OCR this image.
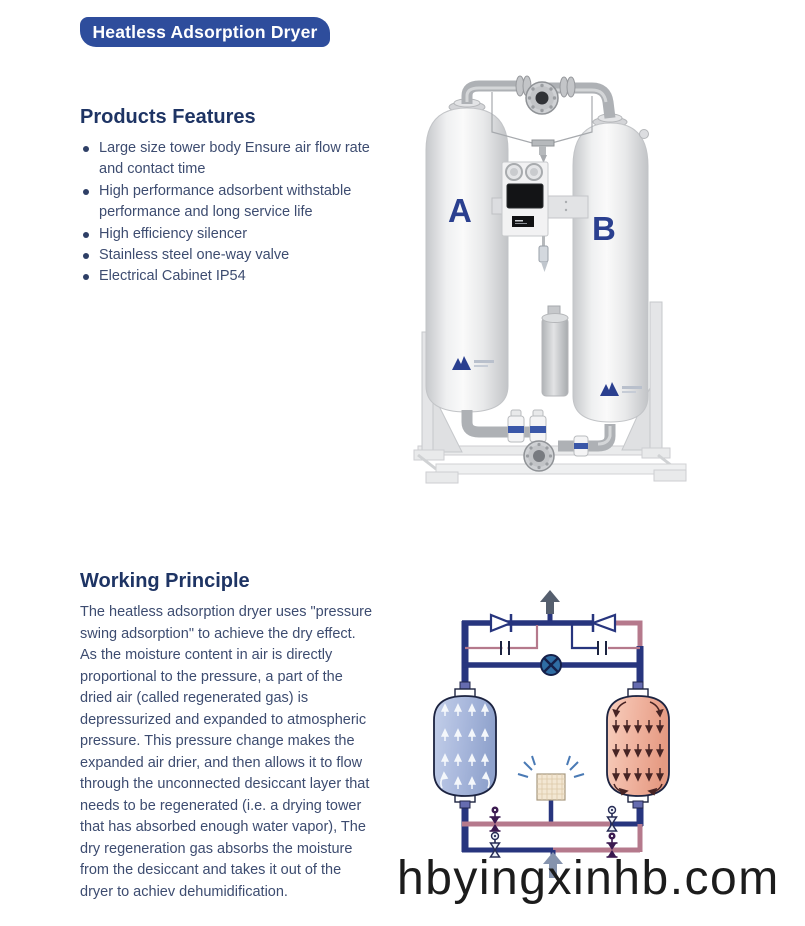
Heatless Adsorption Dryer
Products Features
Large size tower body Ensure air flow rate and contact time
High performance adsorbent withstable performance and long service life
High efficiency silencer
Stainless steel one-way valve
Electrical Cabinet IP54
A	B
Working Principle

The heatless adsorption dryer uses "pressure swing adsorption" to achieve the dry effect. As the moisture content in air is directly proportional to the pressure, a part of the dried air (called regenerated gas) is depressurized and expanded to atmospheric pressure. This pressure change makes the expanded air drier, and then allows it to flow through the unconnected desiccant layer that needs to be regenerated (i.e. a drying tower that has absorbed enough water vapor), The dry regeneration gas absorbs the moisture from the desiccant and takes it out of the dryer to achiev dehumidification.	hbyingxinhb.com
